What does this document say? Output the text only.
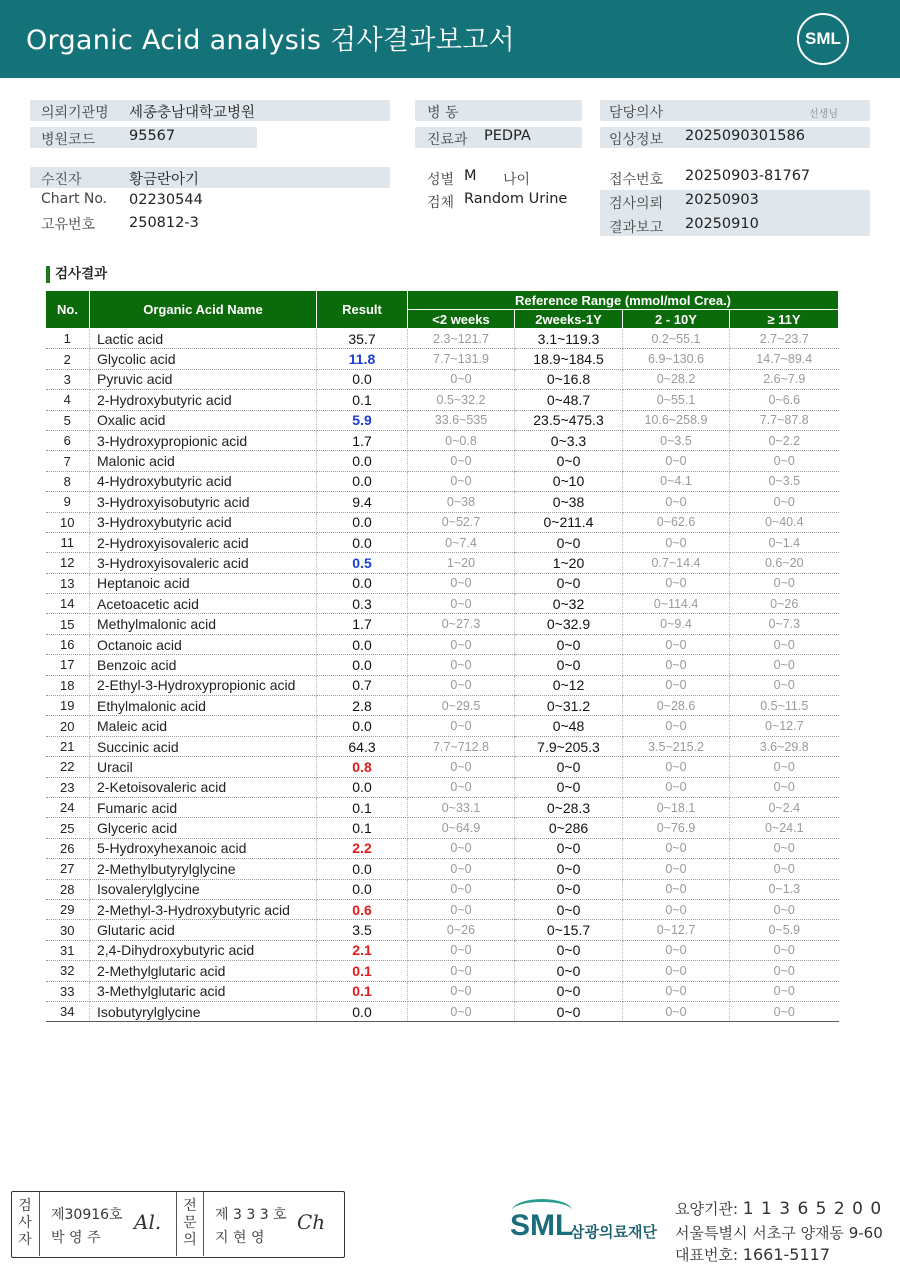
Organic Acid analysis 검사결과보고서	SML
의뢰기관명 세종충남대학교병원	병 동	담당의사	선생님
병원코드 95567	진료과 PEDPA	임상정보 2025090301586
수진자	황금란아기	성별 M 나이	접수번호 20250903-81767
Chart No. 02230544	검체 Random Urine	검사의뢰 20250903
고유번호 250812-3	결과보고 20250910
검사결과
No.	Organic Acid Name	Result	Reference Range (mmol/mol Crea.)			
			<2 weeks	2weeks-1Y	2 - 10Y	≥ 11Y
1	Lactic acid	35.7	2.3~121.7	3.1~119.3	0.2~55.1	2.7~23.7
2	Glycolic acid	11.8	7.7~131.9	18.9~184.5	6.9~130.6	14.7~89.4
3	Pyruvic acid	0.0	0~0	0~16.8	0~28.2	2.6~7.9
4	2-Hydroxybutyric acid	0.1	0.5~32.2	0~48.7	0~55.1	0~6.6
5	Oxalic acid	5.9	33.6~535	23.5~475.3	10.6~258.9	7.7~87.8
6	3-Hydroxypropionic acid	1.7	0~0.8	0~3.3	0~3.5	0~2.2
7	Malonic acid	0.0	0~0	0~0	0~0	0~0
8	4-Hydroxybutyric acid	0.0	0~0	0~10	0~4.1	0~3.5
9	3-Hydroxyisobutyric acid	9.4	0~38	0~38	0~0	0~0
10	3-Hydroxybutyric acid	0.0	0~52.7	0~211.4	0~62.6	0~40.4
11	2-Hydroxyisovaleric acid	0.0	0~7.4	0~0	0~0	0~1.4
12	3-Hydroxyisovaleric acid	0.5	1~20	1~20	0.7~14.4	0.6~20
13	Heptanoic acid	0.0	0~0	0~0	0~0	0~0
14	Acetoacetic acid	0.3	0~0	0~32	0~114.4	0~26
15	Methylmalonic acid	1.7	0~27.3	0~32.9	0~9.4	0~7.3
16	Octanoic acid	0.0	0~0	0~0	0~0	0~0
17	Benzoic acid	0.0	0~0	0~0	0~0	0~0
18	2-Ethyl-3-Hydroxypropionic acid	0.7	0~0	0~12	0~0	0~0
19	Ethylmalonic acid	2.8	0~29.5	0~31.2	0~28.6	0.5~11.5
20	Maleic acid	0.0	0~0	0~48	0~0	0~12.7
21	Succinic acid	64.3	7.7~712.8	7.9~205.3	3.5~215.2	3.6~29.8
22	Uracil	0.8	0~0	0~0	0~0	0~0
23	2-Ketoisovaleric acid	0.0	0~0	0~0	0~0	0~0
24	Fumaric acid	0.1	0~33.1	0~28.3	0~18.1	0~2.4
25	Glyceric acid	0.1	0~64.9	0~286	0~76.9	0~24.1
26	5-Hydroxyhexanoic acid	2.2	0~0	0~0	0~0	0~0
27	2-Methylbutyrylglycine	0.0	0~0	0~0	0~0	0~0
28	Isovalerylglycine	0.0	0~0	0~0	0~0	0~1.3
29	2-Methyl-3-Hydroxybutyric acid	0.6	0~0	0~0	0~0	0~0
30	Glutaric acid	3.5	0~26	0~15.7	0~12.7	0~5.9
31	2,4-Dihydroxybutyric acid	2.1	0~0	0~0	0~0	0~0
32	2-Methylglutaric acid	0.1	0~0	0~0	0~0	0~0
33	3-Methylglutaric acid	0.1	0~0	0~0	0~0	0~0
34	Isobutyrylglycine	0.0	0~0	0~0	0~0	0~0
검사자
제30916호
박 영 주
Al.
전문의
제 3 3 3 호
지 현 영
Ch	SML
삼광의료재단
요양기관: 1 1 3 6 5 2 0 0
서울특별시 서초구 양재동 9-60
대표번호: 1661-5117
